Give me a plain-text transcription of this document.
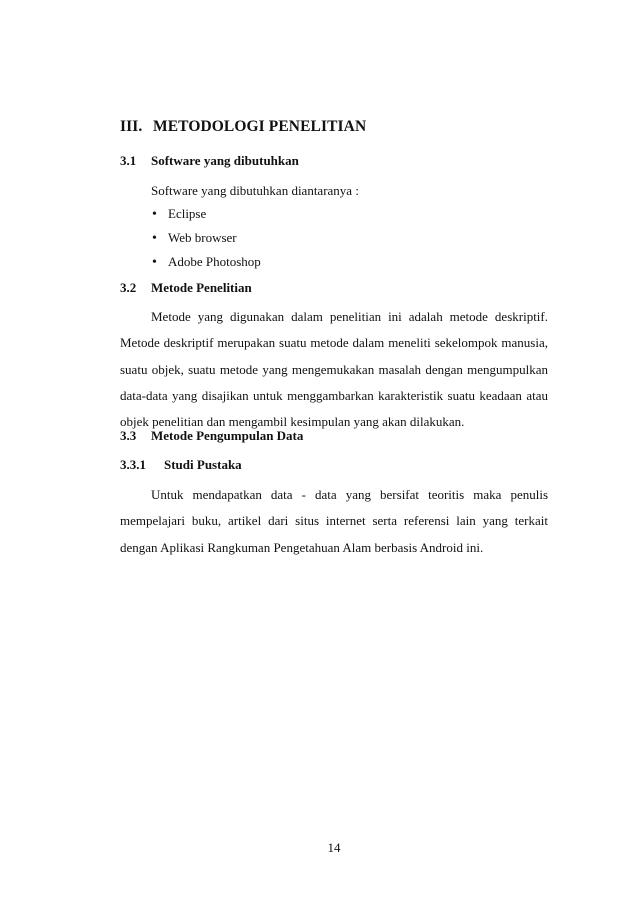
III. METODOLOGI PENELITIAN
3.1 Software yang dibutuhkan
Software yang dibutuhkan diantaranya :
•Eclipse
•Web browser
•Adobe Photoshop
3.2 Metode Penelitian
Metode yang digunakan dalam penelitian ini adalah metode deskriptif. Metode deskriptif merupakan suatu metode dalam meneliti sekelompok manusia, suatu objek, suatu metode yang mengemukakan masalah dengan mengumpulkan data-data yang disajikan untuk menggambarkan karakteristik suatu keadaan atau objek penelitian dan mengambil kesimpulan yang akan dilakukan.
3.3 Metode Pengumpulan Data
3.3.1 Studi Pustaka
Untuk mendapatkan data - data yang bersifat teoritis maka penulis mempelajari buku, artikel dari situs internet serta referensi lain yang terkait dengan Aplikasi Rangkuman Pengetahuan Alam berbasis Android ini.
14
